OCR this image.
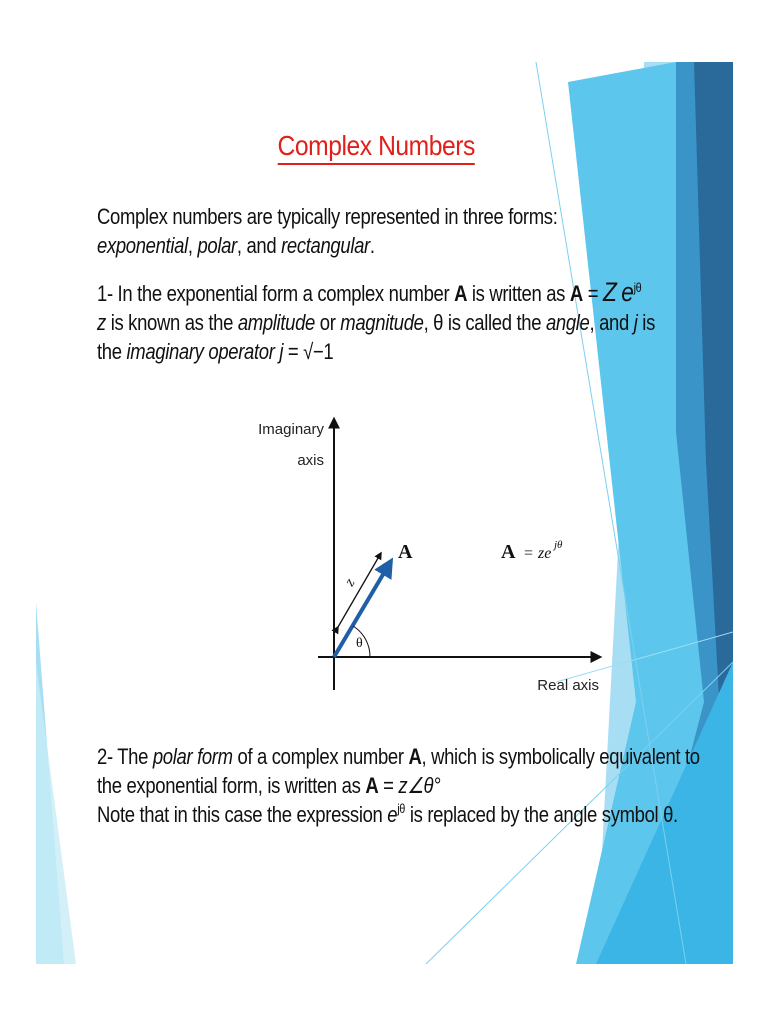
Complex Numbers
Complex numbers are typically represented in three forms:
exponential, polar, and rectangular.
1- In the exponential form a complex number A is written as A = Z $e^{j\theta}$
z is known as the amplitude or magnitude, θ is called the angle, and j is
the imaginary operator j = √−1
Imaginary
axis
Real axis
z
θ
A	A = ze jθ
2- The polar form of a complex number A, which is symbolically equivalent to
the exponential form, is written as A = z∠θ°
Note that in this case the expression $e^{j\theta}$ is replaced by the angle symbol θ.
